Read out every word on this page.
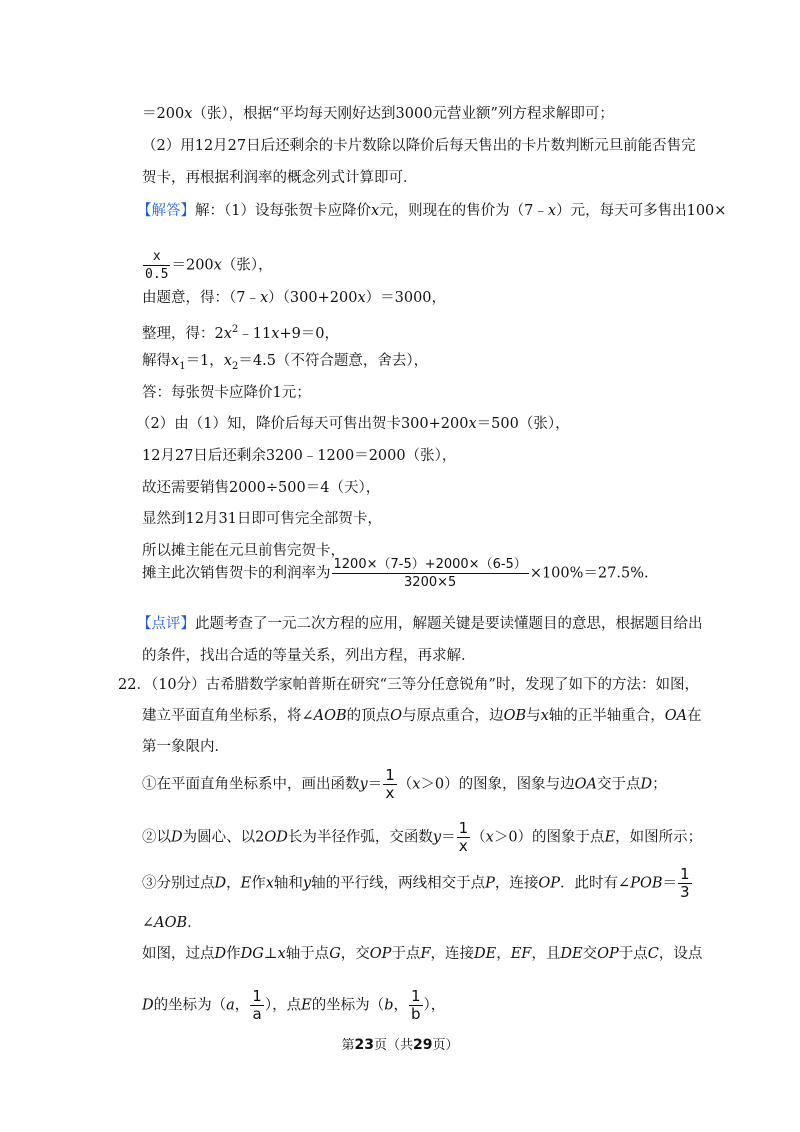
＝200x（张），根据“平均每天刚好达到3000元营业额”列方程求解即可；
（2）用12月27日后还剩余的卡片数除以降价后每天售出的卡片数判断元旦前能否售完
贺卡，再根据利润率的概念列式计算即可．
【解答】解：（1）设每张贺卡应降价x元，则现在的售价为（7﹣x）元，每天可多售出100×
$\frac{x}{0.5} =200x$（张），
由题意，得：（7﹣x）（300+200x）＝3000，
整理，得：$2x^2﹣11x+9=0$，
解得$x_1=1$，$x_2=4.5$（不符合题意，舍去），
答：每张贺卡应降价1元；
（2）由（1）知，降价后每天可售出贺卡300+200x＝500（张），
12月27日后还剩余3200﹣1200＝2000（张），
故还需要销售2000÷500＝4（天），
显然到12月31日即可售完全部贺卡，
所以摊主能在元旦前售完贺卡，
摊主此次销售贺卡的利润率为 $\frac{1200\times(7-5)+2000\times(6-5)}{3200\times 5} \times 100\%=27.5\%$.
【点评】此题考查了一元二次方程的应用，解题关键是要读懂题目的意思，根据题目给出
的条件，找出合适的等量关系，列出方程，再求解．
22．（10分）古希腊数学家帕普斯在研究“三等分任意锐角”时，发现了如下的方法：如图，
建立平面直角坐标系，将∠AOB的顶点O与原点重合，边OB与x轴的正半轴重合，OA在
第一象限内．
①在平面直角坐标系中，画出函数$y= \frac{1}{x} (x>0)$的图象，图象与边OA交于点D；
②以D为圆心、以2OD长为半径作弧，交函数$y= \frac{1}{x} (x>0)$的图象于点E，如图所示；
③分别过点D，E作x轴和y轴的平行线，两线相交于点P，连接OP．此时有∠POB＝ $\frac{1}{3}$
∠AOB．
如图，过点D作DG⊥x轴于点G，交OP于点F，连接DE，EF，且DE交OP于点C，设点
D的坐标为（a， $\frac{1}{a}$ ），点E的坐标为（b， $\frac{1}{b}$ ），
第23页（共29页）
